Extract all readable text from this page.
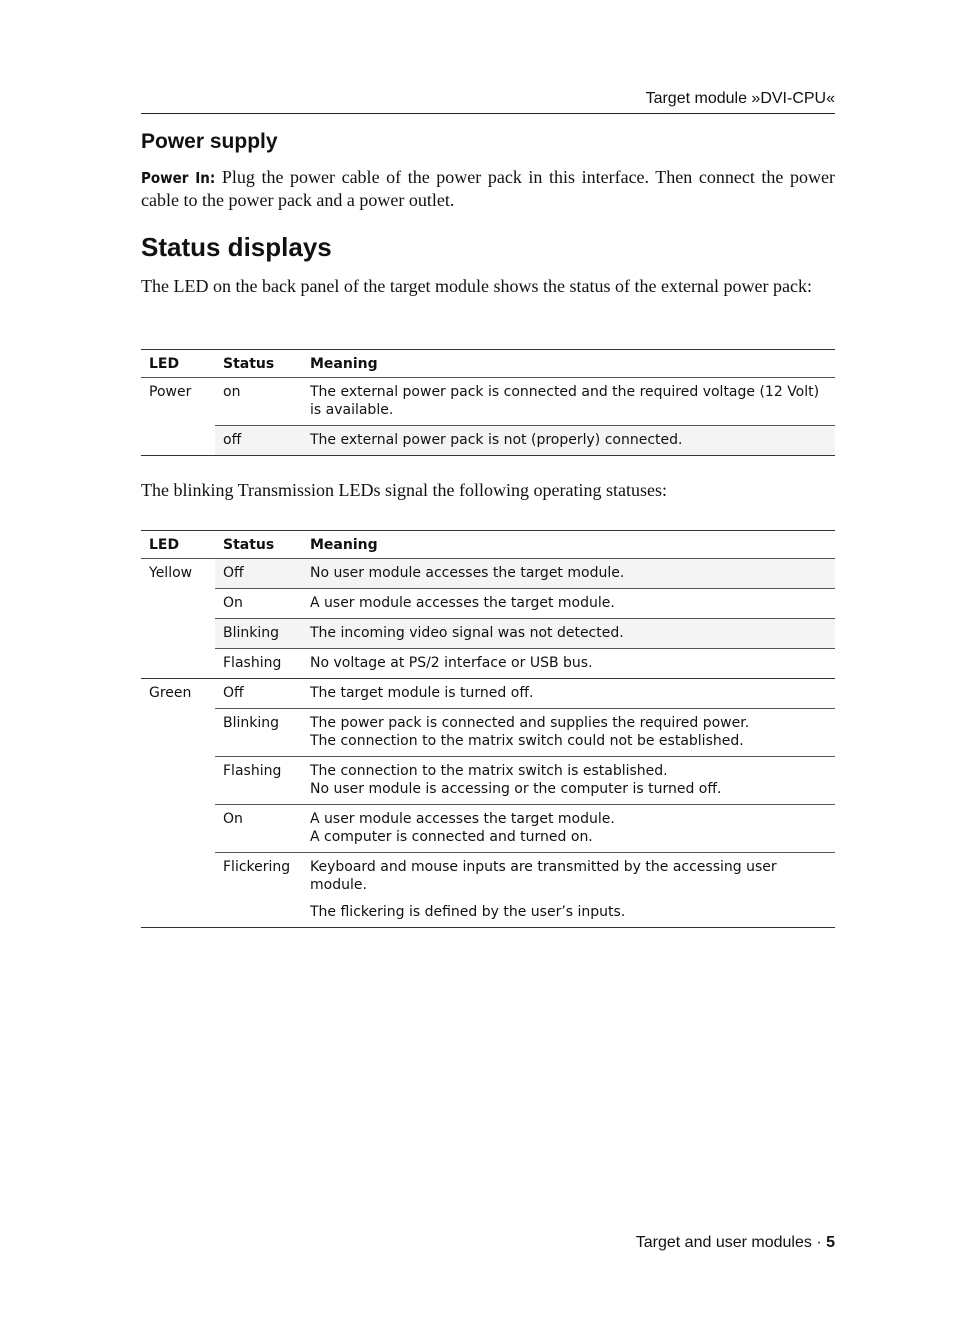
Target module »DVI-CPU«
Power supply

Power In: Plug the power cable of the power pack in this interface. Then connect the power cable to the power pack and a power outlet.

Status displays

The LED on the back panel of the target module shows the status of the external power pack:

LED	Status	Meaning
Power	on	The external power pack is connected and the required voltage (12 Volt) is available.
	off	The external power pack is not (properly) connected.

The blinking Transmission LEDs signal the following operating statuses:

LED	Status	Meaning
Yellow	Off	No user module accesses the target module.
	On	A user module accesses the target module.
	Blinking	The incoming video signal was not detected.
	Flashing	No voltage at PS/2 interface or USB bus.
Green	Off	The target module is turned off.

	Blinking	The power pack is connected and supplies the required power.
The connection to the matrix switch could not be established.

	Flashing	The connection to the matrix switch is established.
No user module is accessing or the computer is turned off.

	On	A user module accesses the target module.
A computer is connected and turned on.

	Flickering	Keyboard and mouse inputs are transmitted by the accessing user module.

The flickering is defined by the user’s inputs.

Target and user modules · 5
